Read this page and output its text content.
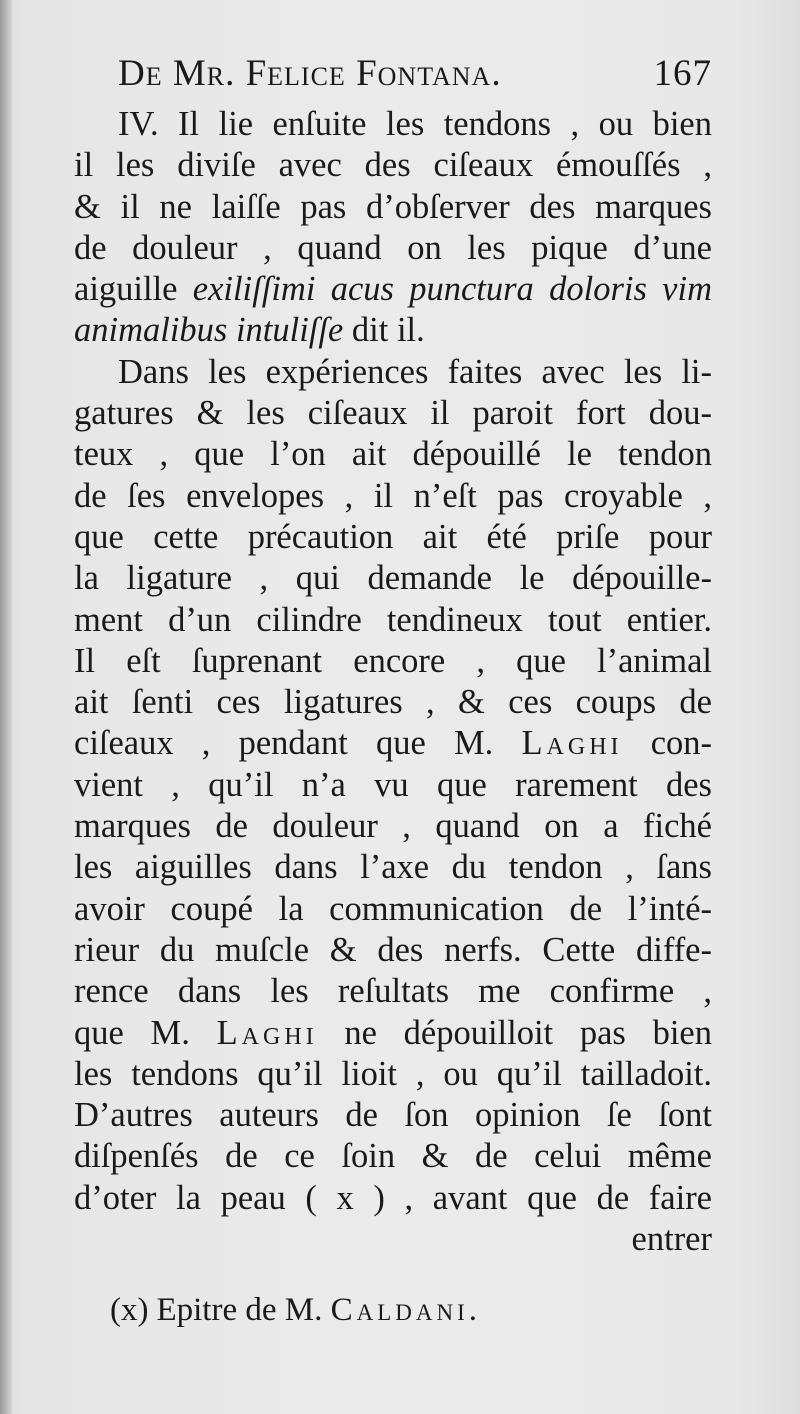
De Mr. Felice Fontana.	167
IV. Il lie enſuite les tendons , ou bien
il les diviſe avec des ciſeaux émouſſés ,
& il ne laiſſe pas d’obſerver des marques
de douleur , quand on les pique d’une
aiguille exiliſſimi acus punctura doloris vim
animalibus intuliſſe dit il.
Dans les expériences faites avec les li-
gatures & les ciſeaux il paroit fort dou-
teux , que l’on ait dépouillé le tendon
de ſes envelopes , il n’eſt pas croyable ,
que cette précaution ait été priſe pour
la ligature , qui demande le dépouille-
ment d’un cilindre tendineux tout entier.
Il eſt ſuprenant encore , que l’animal
ait ſenti ces ligatures , & ces coups de
ciſeaux , pendant que M. Laghi con-
vient , qu’il n’a vu que rarement des
marques de douleur , quand on a fiché
les aiguilles dans l’axe du tendon , ſans
avoir coupé la communication de l’inté-
rieur du muſcle & des nerfs. Cette diffe-
rence dans les reſultats me confirme ,
que M. Laghi ne dépouilloit pas bien
les tendons qu’il lioit , ou qu’il tailladoit.
D’autres auteurs de ſon opinion ſe ſont
diſpenſés de ce ſoin & de celui même
d’oter la peau ( x ) , avant que de faire
entrer
(x) Epitre de M. Caldani.
